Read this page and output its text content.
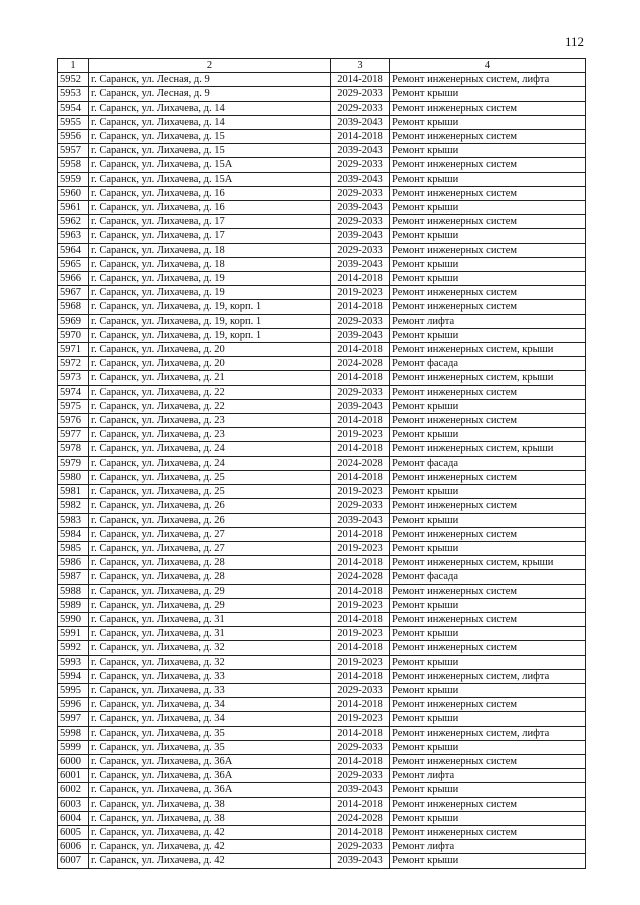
112
1	2	3	4
5952	г. Саранск, ул. Лесная, д. 9	2014-2018	Ремонт инженерных систем, лифта
5953	г. Саранск, ул. Лесная, д. 9	2029-2033	Ремонт крыши
5954	г. Саранск, ул. Лихачева, д. 14	2029-2033	Ремонт инженерных систем
5955	г. Саранск, ул. Лихачева, д. 14	2039-2043	Ремонт крыши
5956	г. Саранск, ул. Лихачева, д. 15	2014-2018	Ремонт инженерных систем
5957	г. Саранск, ул. Лихачева, д. 15	2039-2043	Ремонт крыши
5958	г. Саранск, ул. Лихачева, д. 15А	2029-2033	Ремонт инженерных систем
5959	г. Саранск, ул. Лихачева, д. 15А	2039-2043	Ремонт крыши
5960	г. Саранск, ул. Лихачева, д. 16	2029-2033	Ремонт инженерных систем
5961	г. Саранск, ул. Лихачева, д. 16	2039-2043	Ремонт крыши
5962	г. Саранск, ул. Лихачева, д. 17	2029-2033	Ремонт инженерных систем
5963	г. Саранск, ул. Лихачева, д. 17	2039-2043	Ремонт крыши
5964	г. Саранск, ул. Лихачева, д. 18	2029-2033	Ремонт инженерных систем
5965	г. Саранск, ул. Лихачева, д. 18	2039-2043	Ремонт крыши
5966	г. Саранск, ул. Лихачева, д. 19	2014-2018	Ремонт крыши
5967	г. Саранск, ул. Лихачева, д. 19	2019-2023	Ремонт инженерных систем
5968	г. Саранск, ул. Лихачева, д. 19, корп. 1	2014-2018	Ремонт инженерных систем
5969	г. Саранск, ул. Лихачева, д. 19, корп. 1	2029-2033	Ремонт лифта
5970	г. Саранск, ул. Лихачева, д. 19, корп. 1	2039-2043	Ремонт крыши
5971	г. Саранск, ул. Лихачева, д. 20	2014-2018	Ремонт инженерных систем, крыши
5972	г. Саранск, ул. Лихачева, д. 20	2024-2028	Ремонт фасада
5973	г. Саранск, ул. Лихачева, д. 21	2014-2018	Ремонт инженерных систем, крыши
5974	г. Саранск, ул. Лихачева, д. 22	2029-2033	Ремонт инженерных систем
5975	г. Саранск, ул. Лихачева, д. 22	2039-2043	Ремонт крыши
5976	г. Саранск, ул. Лихачева, д. 23	2014-2018	Ремонт инженерных систем
5977	г. Саранск, ул. Лихачева, д. 23	2019-2023	Ремонт крыши
5978	г. Саранск, ул. Лихачева, д. 24	2014-2018	Ремонт инженерных систем, крыши
5979	г. Саранск, ул. Лихачева, д. 24	2024-2028	Ремонт фасада
5980	г. Саранск, ул. Лихачева, д. 25	2014-2018	Ремонт инженерных систем
5981	г. Саранск, ул. Лихачева, д. 25	2019-2023	Ремонт крыши
5982	г. Саранск, ул. Лихачева, д. 26	2029-2033	Ремонт инженерных систем
5983	г. Саранск, ул. Лихачева, д. 26	2039-2043	Ремонт крыши
5984	г. Саранск, ул. Лихачева, д. 27	2014-2018	Ремонт инженерных систем
5985	г. Саранск, ул. Лихачева, д. 27	2019-2023	Ремонт крыши
5986	г. Саранск, ул. Лихачева, д. 28	2014-2018	Ремонт инженерных систем, крыши
5987	г. Саранск, ул. Лихачева, д. 28	2024-2028	Ремонт фасада
5988	г. Саранск, ул. Лихачева, д. 29	2014-2018	Ремонт инженерных систем
5989	г. Саранск, ул. Лихачева, д. 29	2019-2023	Ремонт крыши
5990	г. Саранск, ул. Лихачева, д. 31	2014-2018	Ремонт инженерных систем
5991	г. Саранск, ул. Лихачева, д. 31	2019-2023	Ремонт крыши
5992	г. Саранск, ул. Лихачева, д. 32	2014-2018	Ремонт инженерных систем
5993	г. Саранск, ул. Лихачева, д. 32	2019-2023	Ремонт крыши
5994	г. Саранск, ул. Лихачева, д. 33	2014-2018	Ремонт инженерных систем, лифта
5995	г. Саранск, ул. Лихачева, д. 33	2029-2033	Ремонт крыши
5996	г. Саранск, ул. Лихачева, д. 34	2014-2018	Ремонт инженерных систем
5997	г. Саранск, ул. Лихачева, д. 34	2019-2023	Ремонт крыши
5998	г. Саранск, ул. Лихачева, д. 35	2014-2018	Ремонт инженерных систем, лифта
5999	г. Саранск, ул. Лихачева, д. 35	2029-2033	Ремонт крыши
6000	г. Саранск, ул. Лихачева, д. 36А	2014-2018	Ремонт инженерных систем
6001	г. Саранск, ул. Лихачева, д. 36А	2029-2033	Ремонт лифта
6002	г. Саранск, ул. Лихачева, д. 36А	2039-2043	Ремонт крыши
6003	г. Саранск, ул. Лихачева, д. 38	2014-2018	Ремонт инженерных систем
6004	г. Саранск, ул. Лихачева, д. 38	2024-2028	Ремонт крыши
6005	г. Саранск, ул. Лихачева, д. 42	2014-2018	Ремонт инженерных систем
6006	г. Саранск, ул. Лихачева, д. 42	2029-2033	Ремонт лифта
6007	г. Саранск, ул. Лихачева, д. 42	2039-2043	Ремонт крыши
